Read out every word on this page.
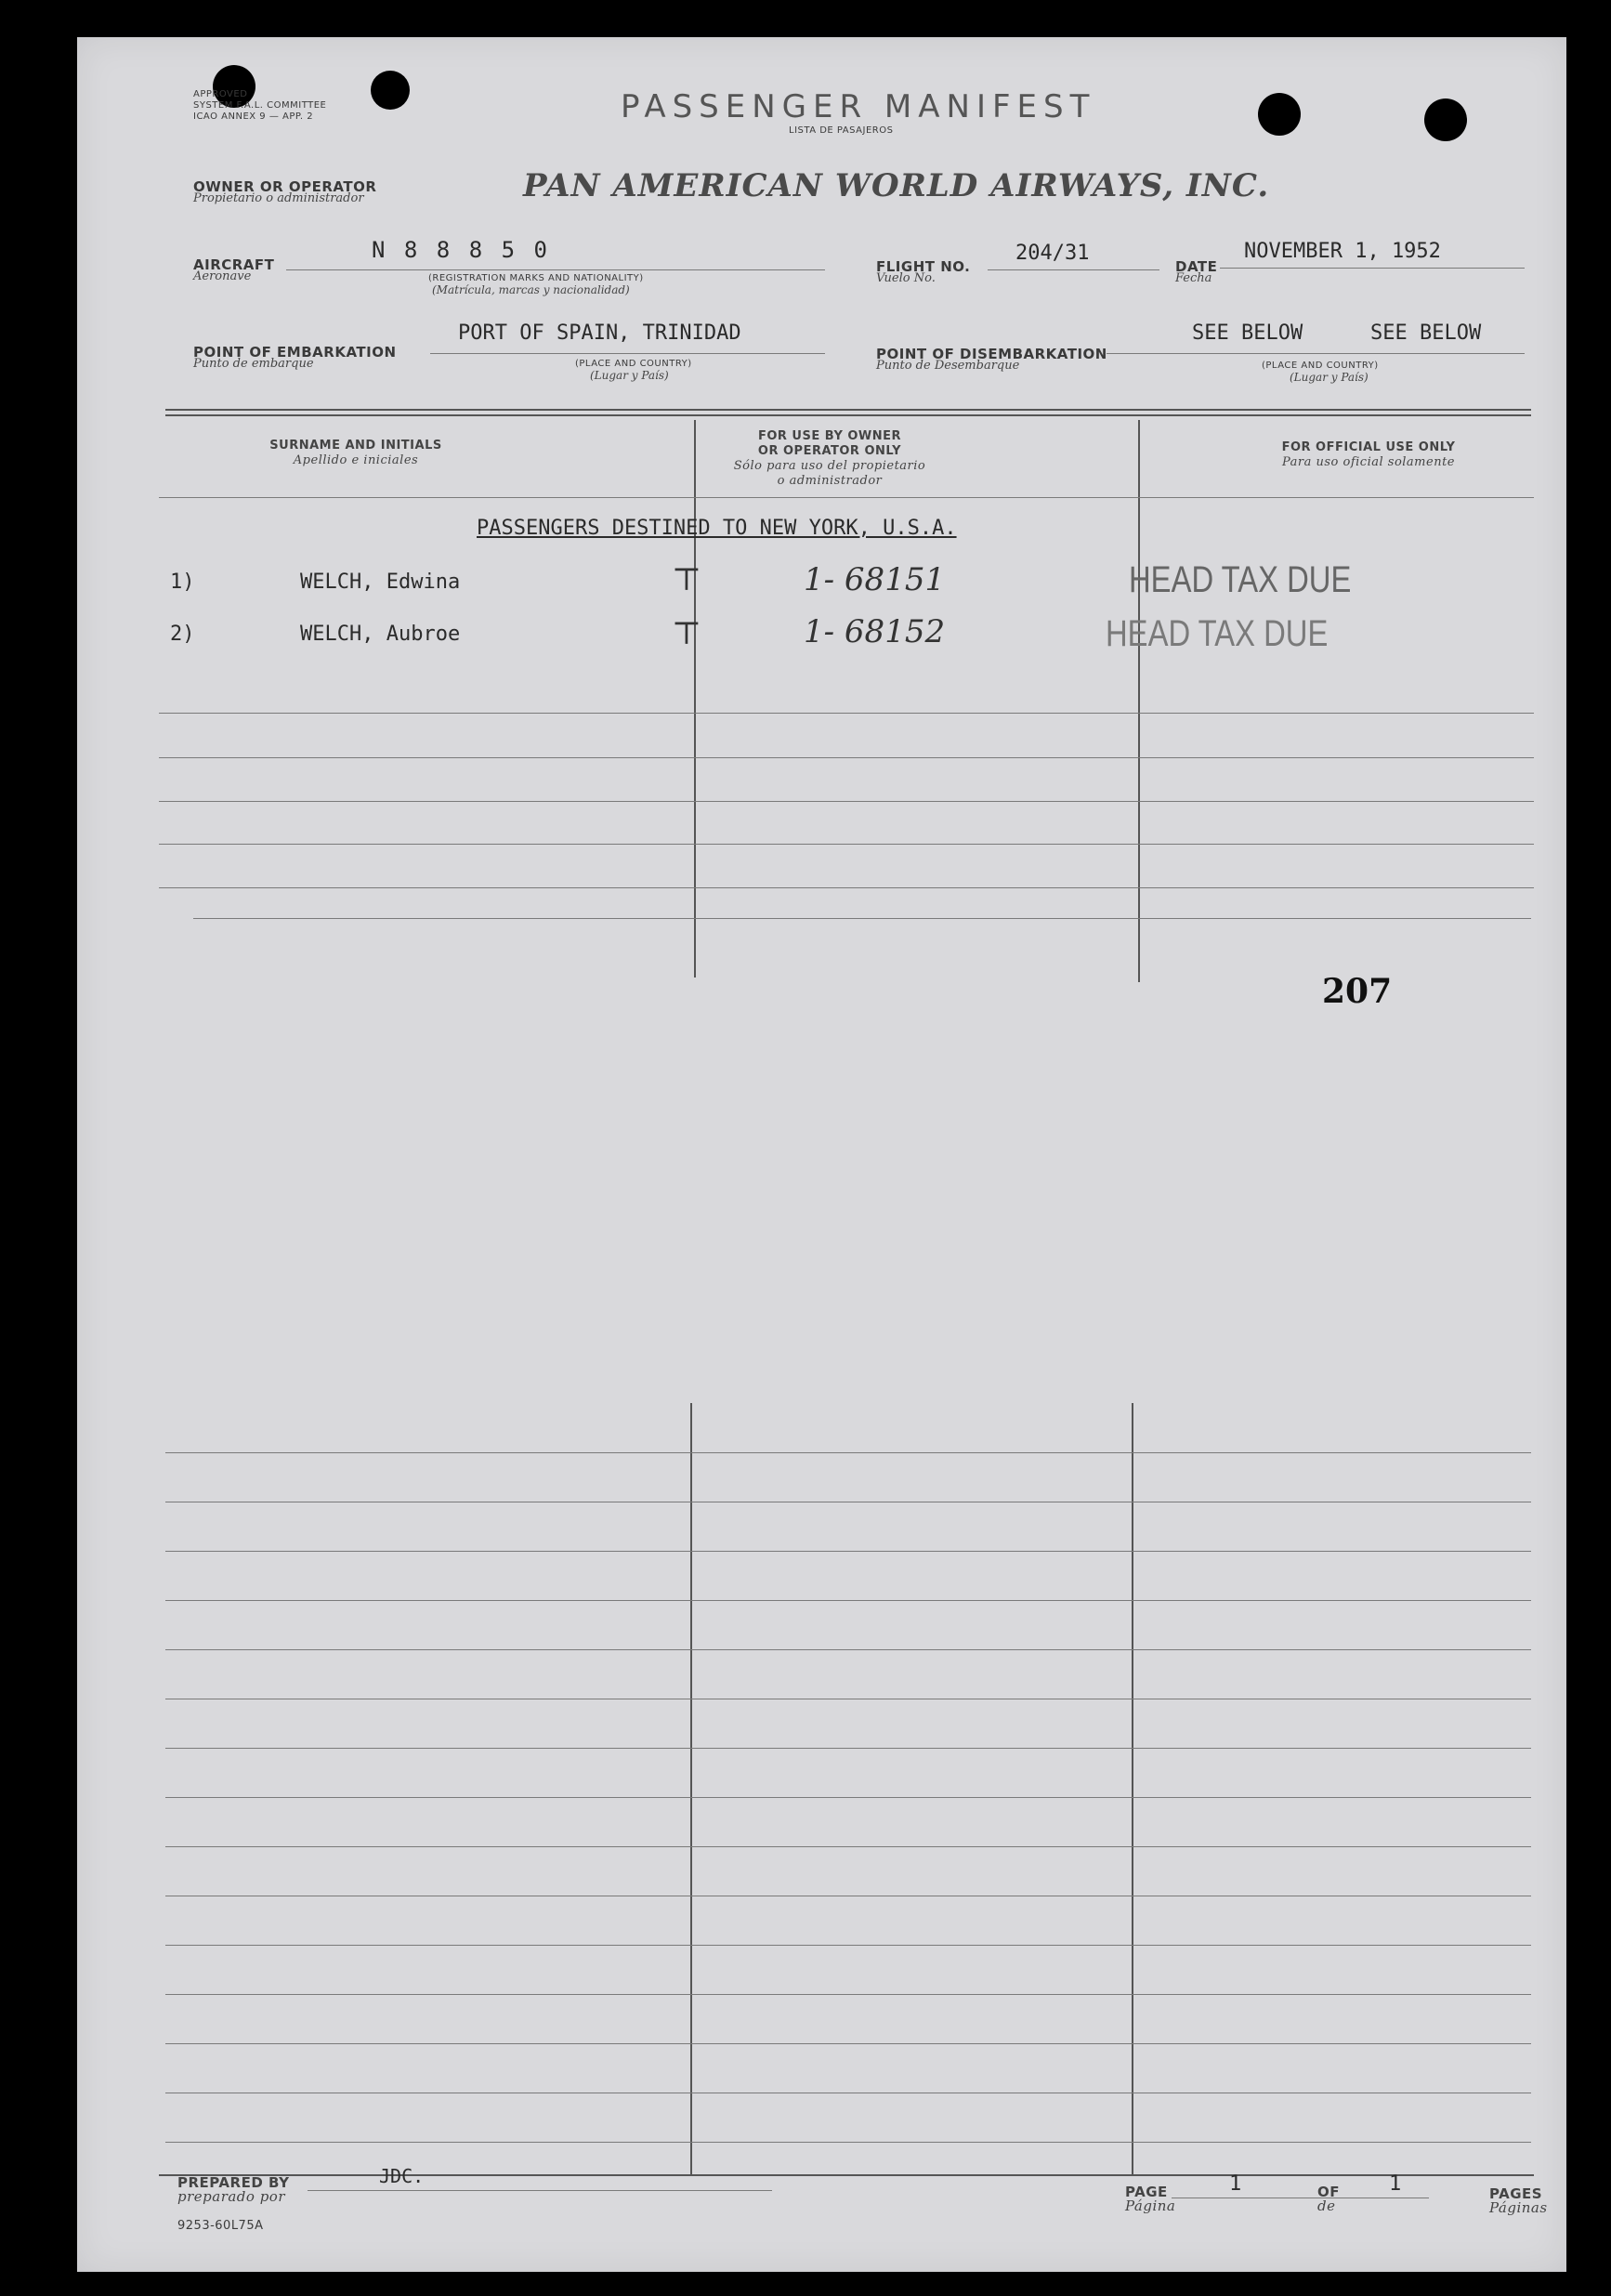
APPROVED
SYSTEM F.A.L. COMMITTEE
ICAO ANNEX 9 — APP. 2	PASSENGER MANIFEST
LISTA DE PASAJEROS
OWNER OR OPERATOR
Propietario o administrador	PAN AMERICAN WORLD AIRWAYS, INC.
AIRCRAFT
Aeronave
N 8 8 8 5 0
(REGISTRATION MARKS AND NATIONALITY)
(Matrícula, marcas y nacionalidad)
FLIGHT NO.
Vuelo No.
204/31
DATE
Fecha
NOVEMBER 1, 1952
POINT OF EMBARKATION
Punto de embarque
PORT OF SPAIN, TRINIDAD
(PLACE AND COUNTRY)
(Lugar y País)
POINT OF DISEMBARKATION
Punto de Desembarque
SEE BELOW	SEE BELOW
(PLACE AND COUNTRY)
(Lugar y País)
SURNAME AND INITIALS
Apellido e iniciales
FOR USE BY OWNER
OR OPERATOR ONLY
Sólo para uso del propietario
o administrador
FOR OFFICIAL USE ONLY
Para uso oficial solamente
PASSENGERS DESTINED TO NEW YORK, U.S.A.
1)	WELCH, Edwina	⊤	1- 68151	HEAD TAX DUE
2)	WELCH, Aubroe	⊤	1- 68152	HEAD TAX DUE
207
PREPARED BY
preparado por
JDC.
9253-60L75A
PAGE
Página
1	OF
de
1	PAGES
Páginas
